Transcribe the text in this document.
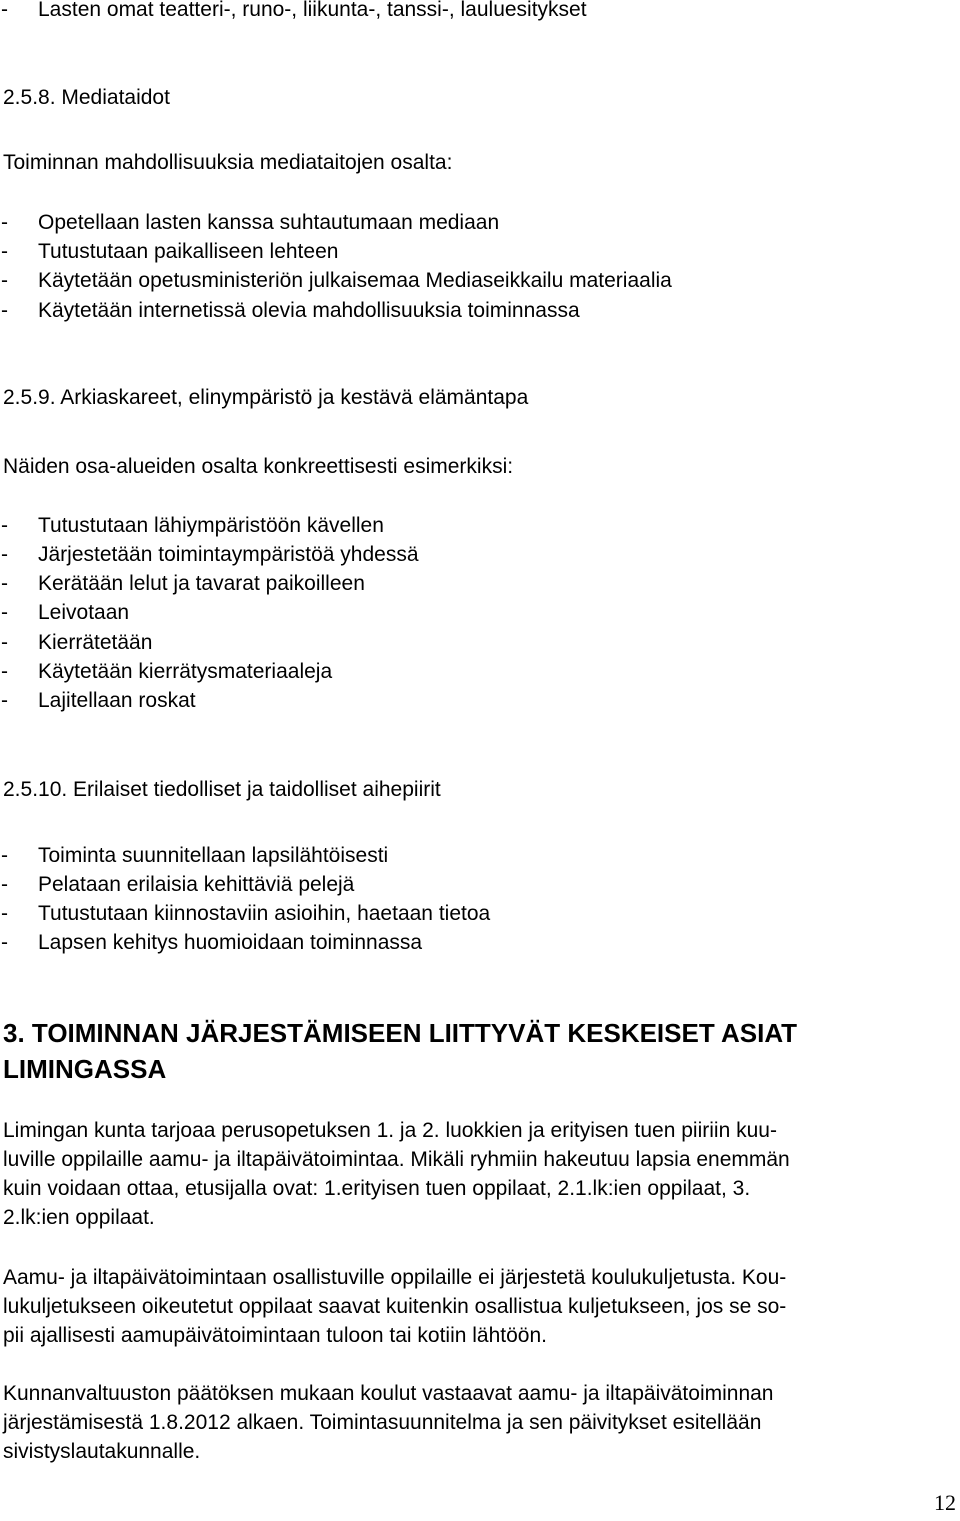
- Lasten omat teatteri-, runo-, liikunta-, tanssi-, lauluesitykset
2.5.8. Mediataidot
Toiminnan mahdollisuuksia mediataitojen osalta:
- Opetellaan lasten kanssa suhtautumaan mediaan
- Tutustutaan paikalliseen lehteen
- Käytetään opetusministeriön julkaisemaa Mediaseikkailu materiaalia
- Käytetään internetissä olevia mahdollisuuksia toiminnassa
2.5.9. Arkiaskareet, elinympäristö ja kestävä elämäntapa
Näiden osa-alueiden osalta konkreettisesti esimerkiksi:
- Tutustutaan lähiympäristöön kävellen
- Järjestetään toimintaympäristöä yhdessä
- Kerätään lelut ja tavarat paikoilleen
- Leivotaan
- Kierrätetään
- Käytetään kierrätysmateriaaleja
- Lajitellaan roskat
2.5.10. Erilaiset tiedolliset ja taidolliset aihepiirit
- Toiminta suunnitellaan lapsilähtöisesti
- Pelataan erilaisia kehittäviä pelejä
- Tutustutaan kiinnostaviin asioihin, haetaan tietoa
- Lapsen kehitys huomioidaan toiminnassa
3. TOIMINNAN JÄRJESTÄMISEEN LIITTYVÄT KESKEISET ASIAT
LIMINGASSA
Limingan kunta tarjoaa perusopetuksen 1. ja 2. luokkien ja erityisen tuen piiriin kuu-
luville oppilaille aamu- ja iltapäivätoimintaa. Mikäli ryhmiin hakeutuu lapsia enemmän
kuin voidaan ottaa, etusijalla ovat: 1.erityisen tuen oppilaat, 2.1.lk:ien oppilaat, 3.
2.lk:ien oppilaat.
Aamu- ja iltapäivätoimintaan osallistuville oppilaille ei järjestetä koulukuljetusta. Kou-
lukuljetukseen oikeutetut oppilaat saavat kuitenkin osallistua kuljetukseen, jos se so-
pii ajallisesti aamupäivätoimintaan tuloon tai kotiin lähtöön.
Kunnanvaltuuston päätöksen mukaan koulut vastaavat aamu- ja iltapäivätoiminnan
järjestämisestä 1.8.2012 alkaen. Toimintasuunnitelma ja sen päivitykset esitellään
sivistyslautakunnalle.
12
